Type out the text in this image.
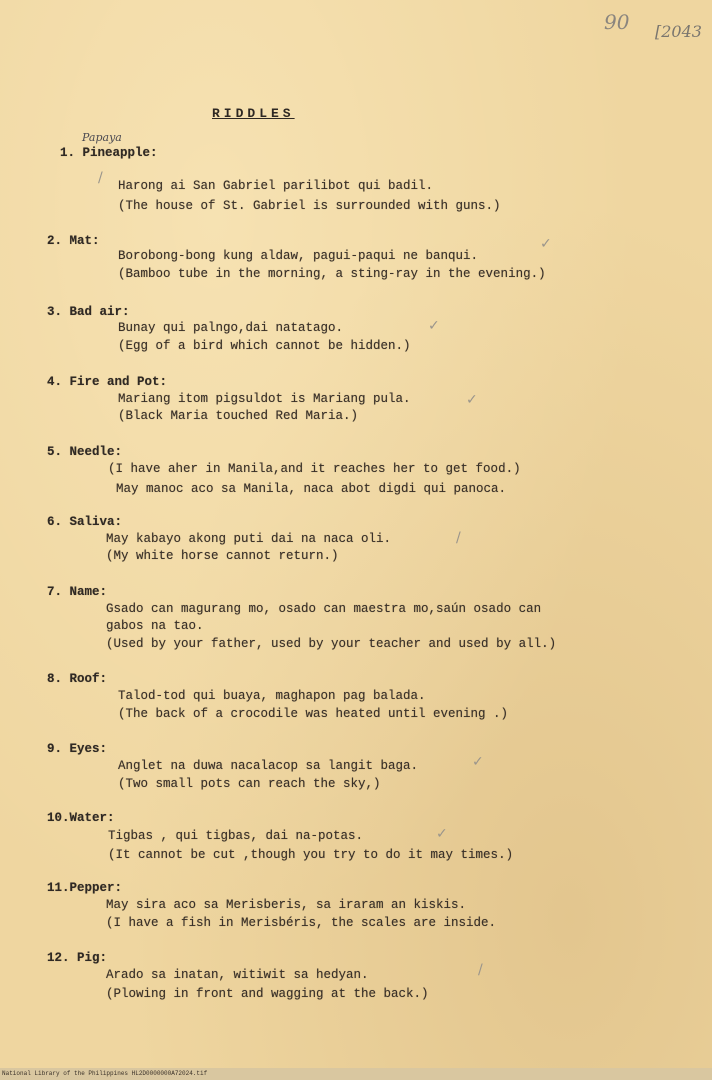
90 [2043
RIDDLES
Papaya
1. Pineapple:
Harong ai San Gabriel parilibot qui badil.
(The house of St. Gabriel is surrounded with guns.)
/
2. Mat:
Borobong-bong kung aldaw, pagui-paqui ne banqui.
(Bamboo tube in the morning, a sting-ray in the evening.)
✓
3. Bad air:
Bunay qui palngo,dai natatago.
(Egg of a bird which cannot be hidden.)
✓
4. Fire and Pot:
Mariang itom pigsuldot is Mariang pula.
(Black Maria touched Red Maria.)
✓
5. Needle:
(I have aher in Manila,and it reaches her to get food.)
May manoc aco sa Manila, naca abot digdi qui panoca.
6. Saliva:
May kabayo akong puti dai na naca oli.
(My white horse cannot return.)
/
7. Name:
Gsado can magurang mo, osado can maestra mo,saún osado can
gabos na tao.
(Used by your father, used by your teacher and used by all.)
8. Roof:
Talod-tod qui buaya, maghapon pag balada.
(The back of a crocodile was heated until evening .)
9. Eyes:
Anglet na duwa nacalacop sa langit baga.
(Two small pots can reach the sky,)
✓
10.Water:
Tigbas , qui tigbas, dai na-potas.
(It cannot be cut ,though you try to do it may times.)
✓
11.Pepper:
May sira aco sa Merisberis, sa iraram an kiskis.
(I have a fish in Merisbéris, the scales are inside.
12. Pig:
Arado sa inatan, witiwit sa hedyan.
(Plowing in front and wagging at the back.)
/
National Library of the Philippines HL2D0000000A72024.tif
